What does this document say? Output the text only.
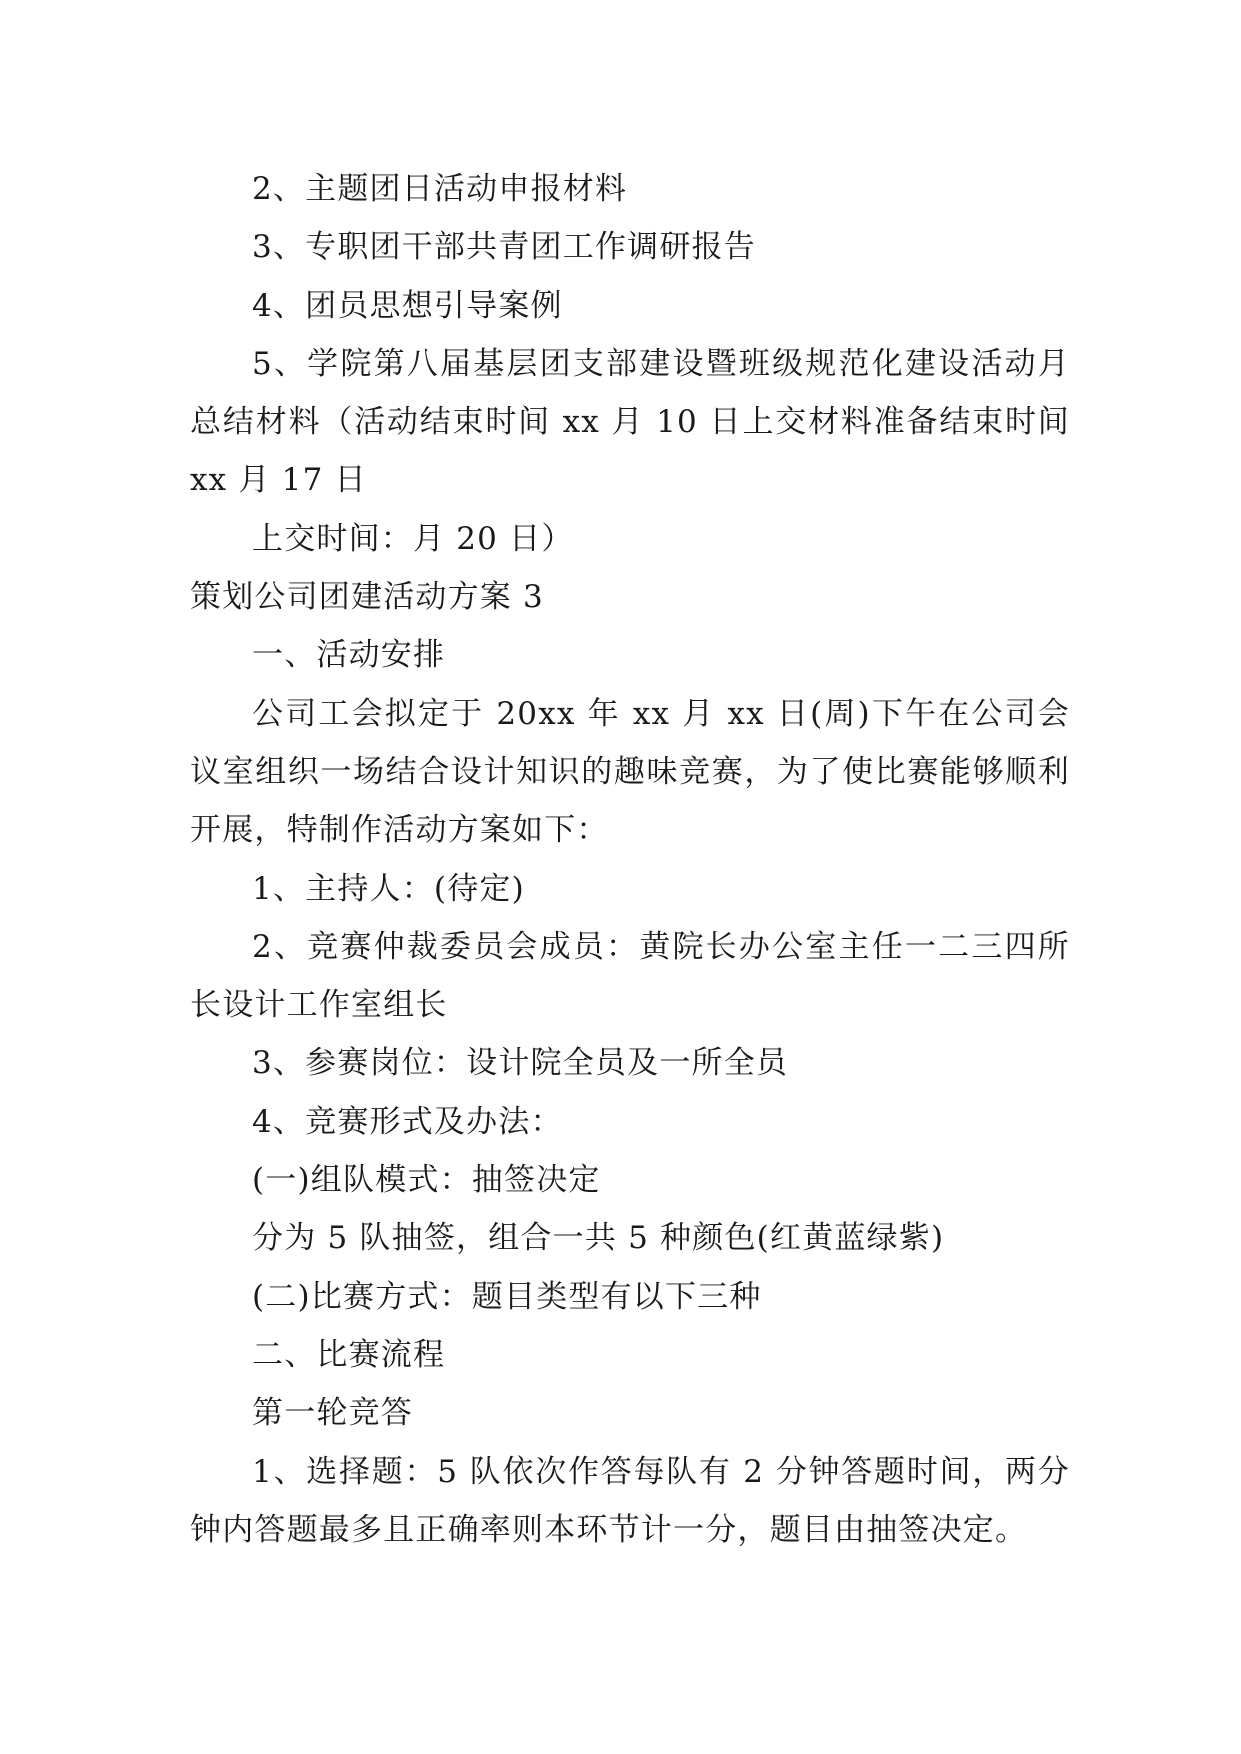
2、主题团日活动申报材料

3、专职团干部共青团工作调研报告

4、团员思想引导案例

5、学院第八届基层团支部建设暨班级规范化建设活动月总结材料（活动结束时间 xx 月 10 日上交材料准备结束时间 xx 月 17 日

上交时间：月 20 日）

策划公司团建活动方案 3

一、活动安排

公司工会拟定于 20xx 年 xx 月 xx 日(周)下午在公司会议室组织一场结合设计知识的趣味竞赛，为了使比赛能够顺利开展，特制作活动方案如下：

1、主持人：(待定)

2、竞赛仲裁委员会成员：黄院长办公室主任一二三四所长设计工作室组长

3、参赛岗位：设计院全员及一所全员

4、竞赛形式及办法：

(一)组队模式：抽签决定

分为 5 队抽签，组合一共 5 种颜色(红黄蓝绿紫)

(二)比赛方式：题目类型有以下三种

二、比赛流程

第一轮竞答

1、选择题：5 队依次作答每队有 2 分钟答题时间，两分钟内答题最多且正确率则本环节计一分，题目由抽签决定。
